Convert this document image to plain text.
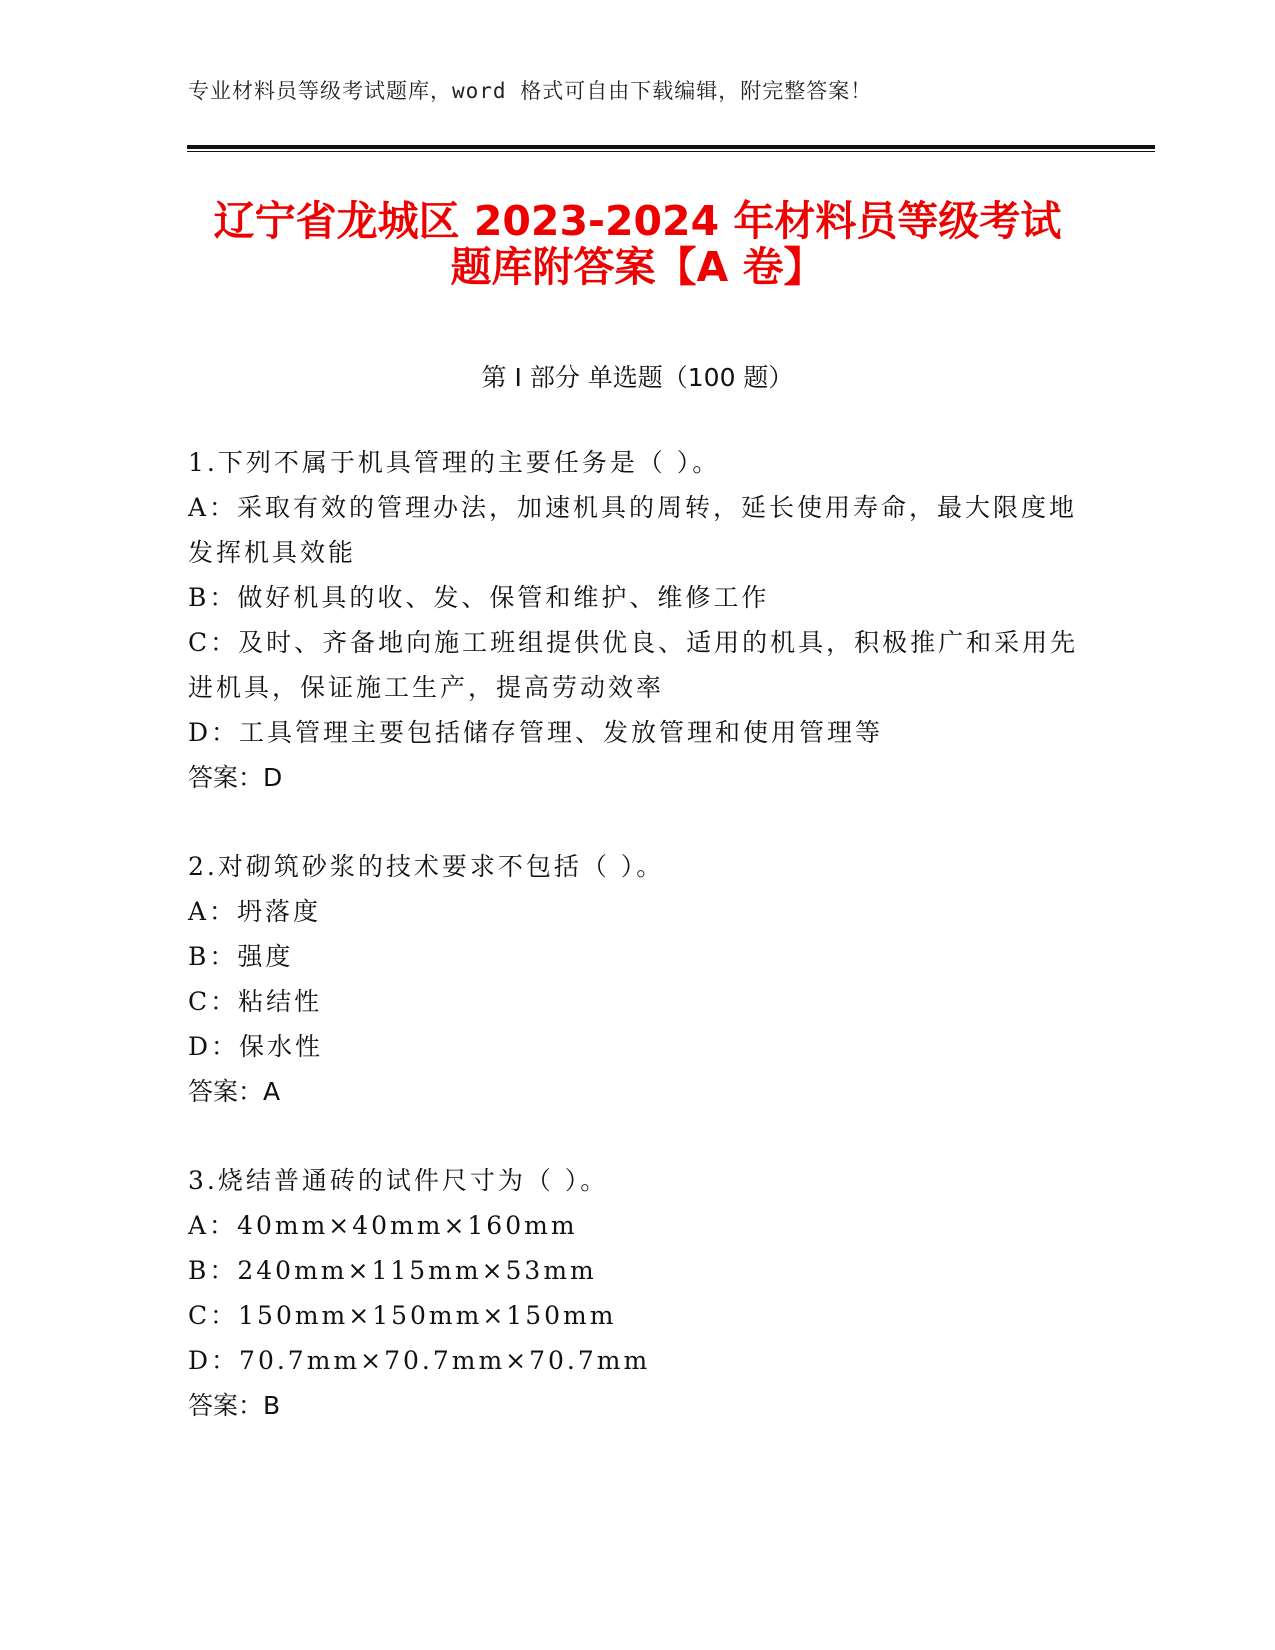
专业材料员等级考试题库，word 格式可自由下载编辑，附完整答案！
辽宁省龙城区 2023-2024 年材料员等级考试
题库附答案【A 卷】
第 I 部分 单选题（100 题）
1.下列不属于机具管理的主要任务是（ ）。
A：采取有效的管理办法，加速机具的周转，延长使用寿命，最大限度地发挥机具效能
B：做好机具的收、发、保管和维护、维修工作
C：及时、齐备地向施工班组提供优良、适用的机具，积极推广和采用先进机具，保证施工生产，提高劳动效率
D：工具管理主要包括储存管理、发放管理和使用管理等
答案：D
2.对砌筑砂浆的技术要求不包括（ ）。
A：坍落度
B：强度
C：粘结性
D：保水性
答案：A
3.烧结普通砖的试件尺寸为（ ）。
A：40mm×40mm×160mm
B：240mm×115mm×53mm
C：150mm×150mm×150mm
D：70.7mm×70.7mm×70.7mm
答案：B
